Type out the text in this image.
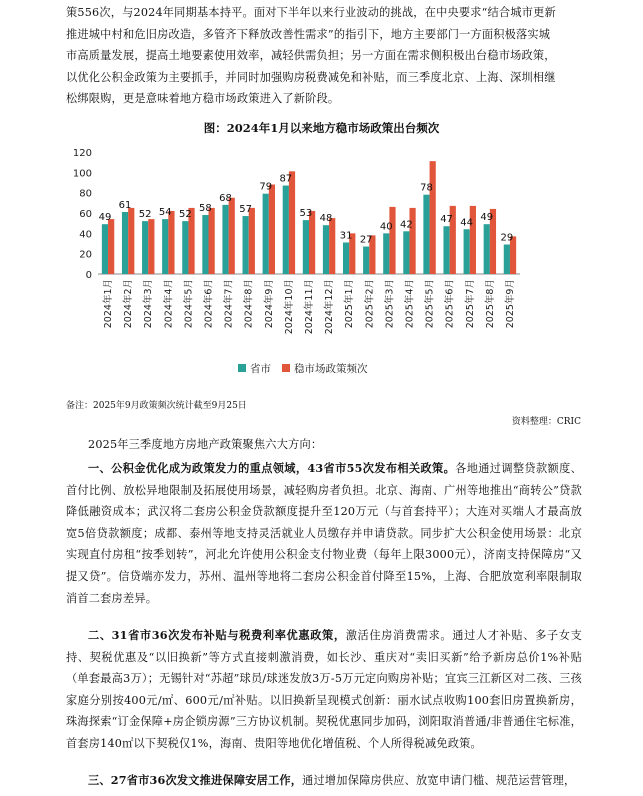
策556次，与2024年同期基本持平。面对下半年以来行业波动的挑战，在中央要求“结合城市更新
推进城中村和危旧房改造，多管齐下释放改善性需求”的指引下，地方主要部门一方面积极落实城
市高质量发展，提高土地要素使用效率，减轻供需负担；另一方面在需求侧积极出台稳市场政策，
以优化公积金政策为主要抓手，并同时加强购房税费减免和补贴，而三季度北京、上海、深圳相继
松绑限购，更是意味着地方稳市场政策进入了新阶段。

图：2024年1月以来地方稳市场政策出台频次
0
20
40
60
80
100
120
49
2024年1月
61
2024年2月
52
2024年3月
54
2024年4月
52
2024年5月
58
2024年6月
68
2024年7月
57
2024年8月
79
2024年9月
87
2024年10月
53
2024年11月
48
2024年12月
31
2025年1月
27
2025年2月
40
2025年3月
42
2025年4月
78
2025年5月
47
2025年6月
44
2025年7月
49
2025年8月
29
2025年9月
省市 稳市场政策频次
备注：2025年9月政策频次统计截至9月25日
资料整理：CRIC

2025年三季度地方房地产政策聚焦六大方向：

一、公积金优化成为政策发力的重点领域，43省市55次发布相关政策。各地通过调整贷款额度、首付比例、放松异地限制及拓展使用场景，减轻购房者负担。北京、海南、广州等地推出“商转公”贷款降低融资成本；武汉将二套房公积金贷款额度提升至120万元（与首套持平）；大连对买端人才最高放宽5倍贷款额度；成都、泰州等地支持灵活就业人员缴存并申请贷款。同步扩大公积金使用场景：北京实现直付房租“按季划转”，河北允许使用公积金支付物业费（每年上限3000元），济南支持保障房“又提又贷”。信贷端亦发力，苏州、温州等地将二套房公积金首付降至15%，上海、合肥放宽利率限制取消首二套房差异。

二、31省市36次发布补贴与税费利率优惠政策，激活住房消费需求。通过人才补贴、多子女支持、契税优惠及“以旧换新”等方式直接刺激消费，如长沙、重庆对“卖旧买新”给予新房总价1%补贴（单套最高3万）；无锡针对“苏超”球员/球迷发放3万-5万元定向购房补贴；宜宾三江新区对二孩、三孩家庭分别按400元/㎡、600元/㎡补贴。以旧换新呈现模式创新：丽水试点收购100套旧房置换新房，珠海探索“订金保障+房企锁房源”三方协议机制。契税优惠同步加码，浏阳取消普通/非普通住宅标准，首套房140㎡以下契税仅1%，海南、贵阳等地优化增值税、个人所得税减免政策。

三、27省市36次发文推进保障安居工作，通过增加保障房供应、放宽申请门槛、规范运营管理，
